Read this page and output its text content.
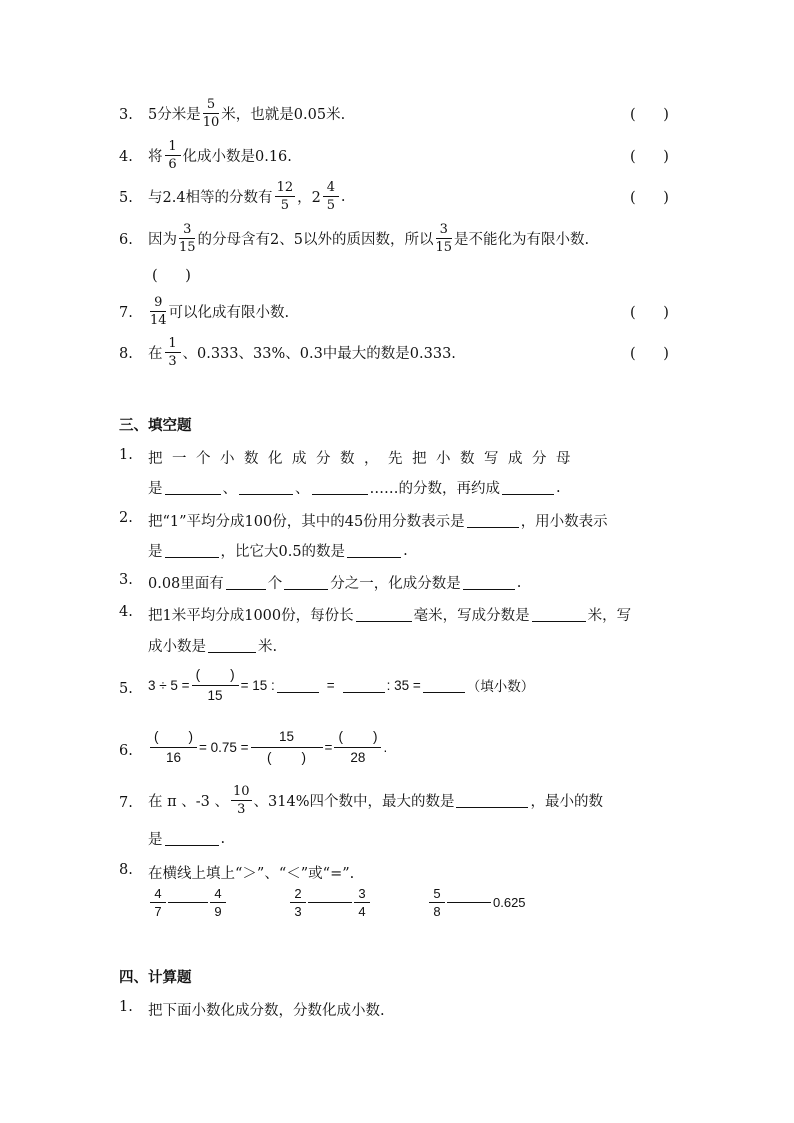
3. 5分米是 $\frac{5}{10}$ 米，也就是0.05米.	(      )
4. 将 $\frac{1}{6}$ 化成小数是0.16.	(      )
5. 与2.4相等的分数有 $\frac{12}{5}$ ，$2 \frac{4}{5}$ .	(      )
6. 因为 $\frac{3}{15}$ 的分母含有2、5以外的质因数，所以 $\frac{3}{15}$ 是不能化为有限小数.
(      )
7. $\frac{9}{14}$ 可以化成有限小数.	(      )
8. 在 $\frac{1}{3}$ 、0.333、33%、0.3中最大的数是0.333.	(      )
三、填空题
1. 把一个小数化成分数，先把小数写成分母
是	、	、	……的分数，再约成	.
2. 把“1”平均分成100份，其中的45份用分数表示是	，用小数表示
是	，比它大0.5的数是	.
3. 0.08里面有	个	分之一，化成分数是	.
4. 把1米平均分成1000份，每份长	毫米，写成分数是	米，写
成小数是	米.
5. 3 ÷ 5 =
(        )
15
= 15 :	=	: 35 =	（填小数）
6.
(        )
16
= 0.75 =
15
(        )
=
(        )
28
.
7. 在 π 、-3 、 $\frac{10}{3}$ 、314%四个数中，最大的数是	，最小的数
是	.
8. 在横线上填上“＞”、“＜”或“=”.
$\frac{4}{7}$	$\frac{4}{9}$	$\frac{2}{3}$	$\frac{3}{4}$	$\frac{5}{8}$	0.625
四、计算题
1. 把下面小数化成分数，分数化成小数.
